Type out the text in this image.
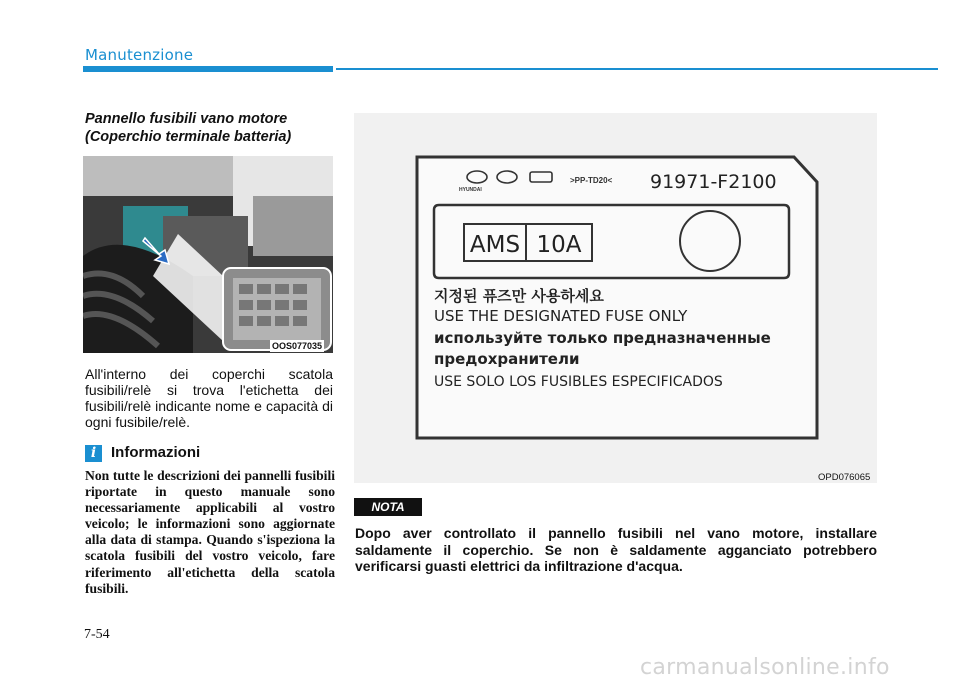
Manutenzione
Pannello fusibili vano motore
(Coperchio terminale batteria)
OOS077035
All'interno dei coperchi scatola fusibili/relè si trova l'etichetta dei fusibili/relè indicante nome e capacità di ogni fusibile/relè.
i Informazioni
Non tutte le descrizioni dei pannelli fusibili riportate in questo manuale sono necessariamente applicabili al vostro veicolo; le informazioni sono aggiornate alla data di stampa. Quando s'ispeziona la scatola fusibili del vostro veicolo, fare riferimento all'etichetta della scatola fusibili.
HYUNDAI
>PP-TD20< 91971-F2100
AMS 10A
지정된 퓨즈만 사용하세요
USE THE DESIGNATED FUSE ONLY
используйте только предназначенные
предохранители
USE SOLO LOS FUSIBLES ESPECIFICADOS
OPD076065
NOTA
Dopo aver controllato il pannello fusibili nel vano motore, installare saldamente il coperchio. Se non è saldamente agganciato potrebbero verificarsi guasti elettrici da infiltrazione d'acqua.
7-54
carmanualsonline.info
